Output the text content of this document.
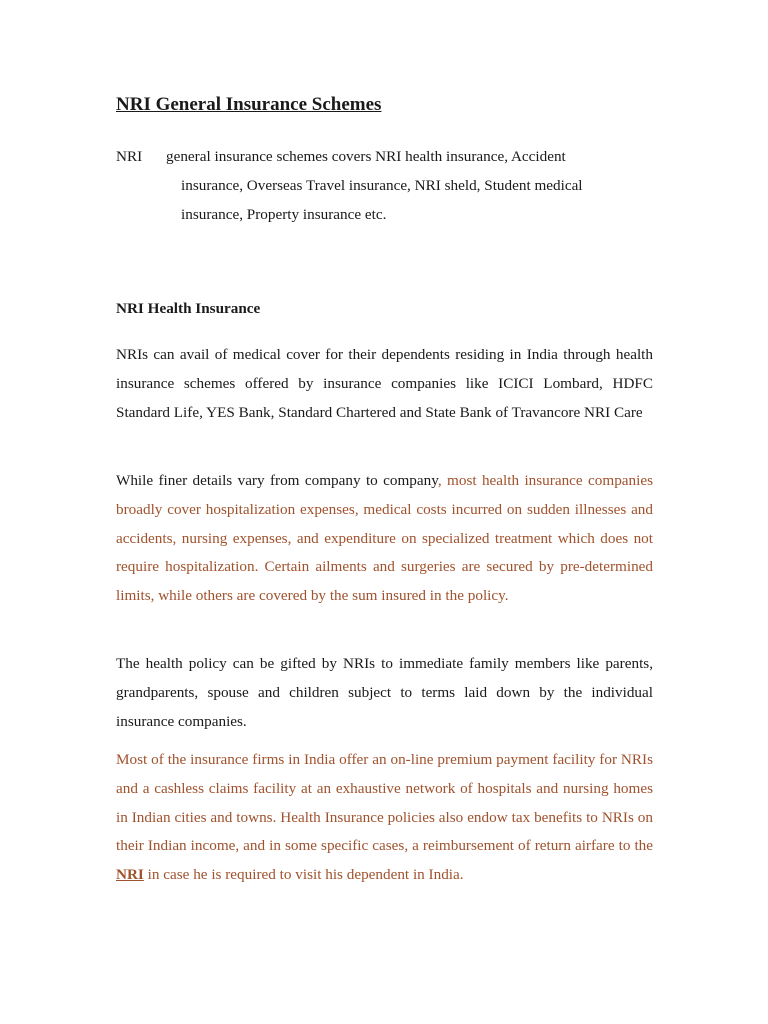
NRI General Insurance Schemes
NRI general insurance schemes covers NRI health insurance, Accident
insurance, Overseas Travel insurance, NRI sheld, Student medical
insurance, Property insurance etc.
NRI Health Insurance

NRIs can avail of medical cover for their dependents residing in India through health insurance schemes offered by insurance companies like ICICI Lombard, HDFC Standard Life, YES Bank, Standard Chartered and State Bank of Travancore NRI Care

While finer details vary from company to company, most health insurance companies broadly cover hospitalization expenses, medical costs incurred on sudden illnesses and accidents, nursing expenses, and expenditure on specialized treatment which does not require hospitalization. Certain ailments and surgeries are secured by pre-determined limits, while others are covered by the sum insured in the policy.

The health policy can be gifted by NRIs to immediate family members like parents, grandparents, spouse and children subject to terms laid down by the individual insurance companies.

Most of the insurance firms in India offer an on-line premium payment facility for NRIs and a cashless claims facility at an exhaustive network of hospitals and nursing homes in Indian cities and towns. Health Insurance policies also endow tax benefits to NRIs on their Indian income, and in some specific cases, a reimbursement of return airfare to the NRI in case he is required to visit his dependent in India.
